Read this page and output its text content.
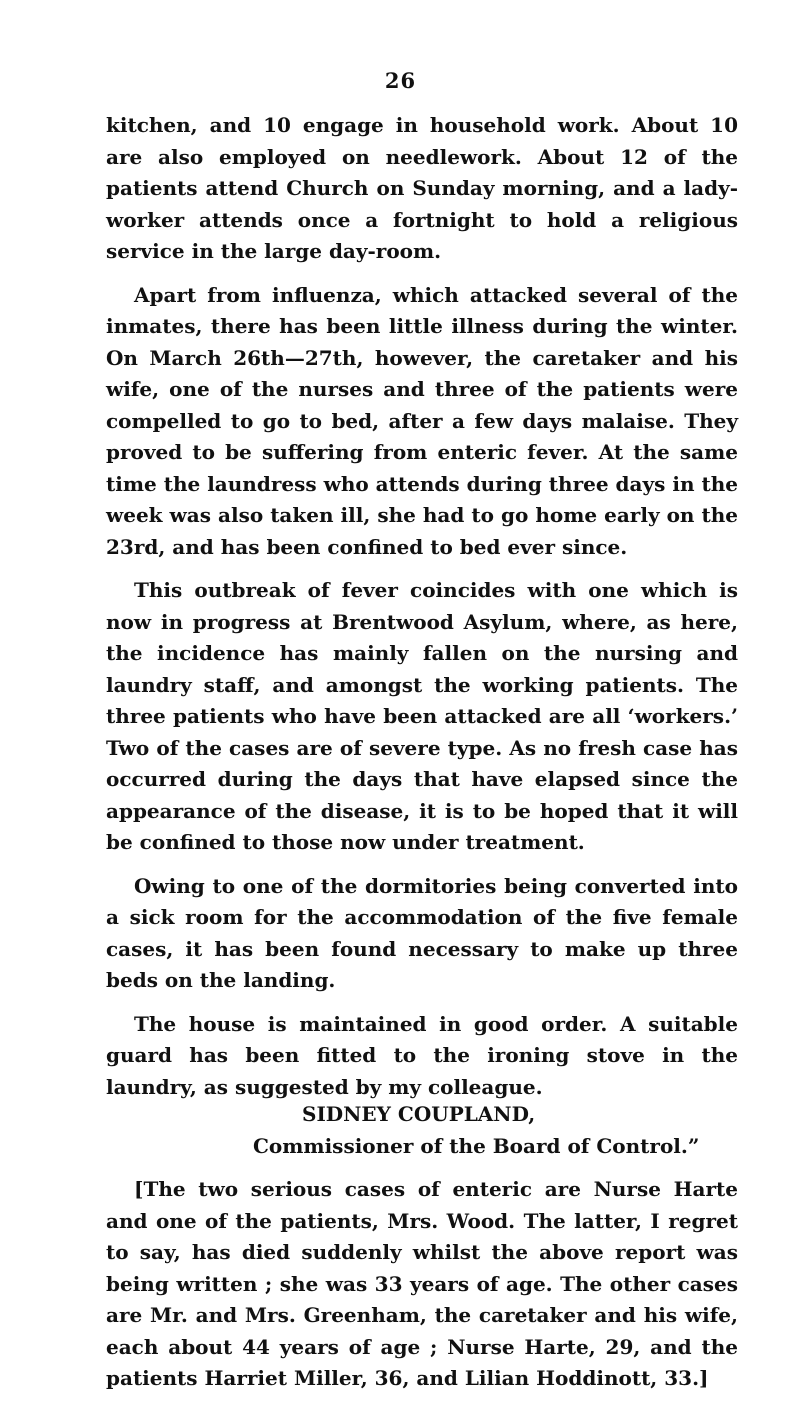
26

kitchen, and 10 engage in household work. About 10 are also employed on needlework. About 12 of the patients attend Church on Sunday morning, and a lady-worker attends once a fortnight to hold a religious service in the large day-room.

Apart from influenza, which attacked several of the inmates, there has been little illness during the winter. On March 26th—27th, however, the caretaker and his wife, one of the nurses and three of the patients were compelled to go to bed, after a few days malaise. They proved to be suffering from enteric fever. At the same time the laundress who attends during three days in the week was also taken ill, she had to go home early on the 23rd, and has been confined to bed ever since.

This outbreak of fever coincides with one which is now in progress at Brentwood Asylum, where, as here, the incidence has mainly fallen on the nursing and laundry staff, and amongst the working patients. The three patients who have been attacked are all ‘workers.’ Two of the cases are of severe type. As no fresh case has occurred during the days that have elapsed since the appearance of the disease, it is to be hoped that it will be confined to those now under treatment.

Owing to one of the dormitories being converted into a sick room for the accommodation of the five female cases, it has been found necessary to make up three beds on the landing.

The house is maintained in good order. A suitable guard has been fitted to the ironing stove in the laundry, as suggested by my colleague.

SIDNEY COUPLAND,
Commissioner of the Board of Control.”

[The two serious cases of enteric are Nurse Harte and one of the patients, Mrs. Wood. The latter, I regret to say, has died suddenly whilst the above report was being written ; she was 33 years of age. The other cases are Mr. and Mrs. Greenham, the caretaker and his wife, each about 44 years of age ; Nurse Harte, 29, and the patients Harriet Miller, 36, and Lilian Hoddinott, 33.]
